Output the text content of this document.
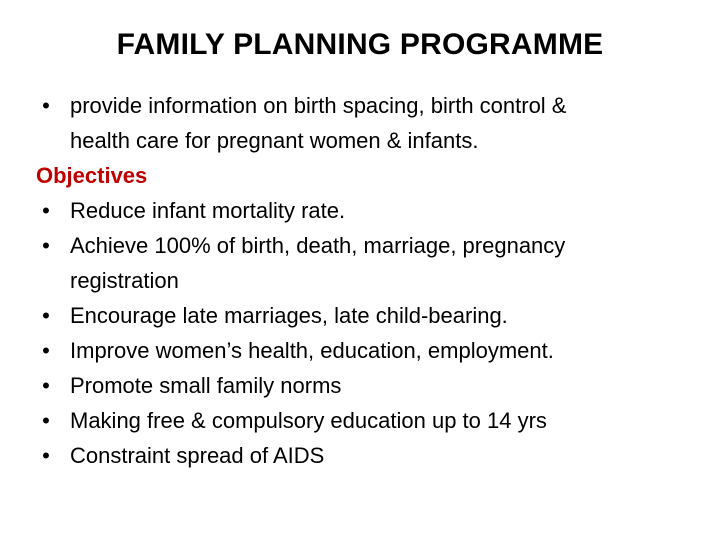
FAMILY PLANNING PROGRAMME
• provide information on birth spacing, birth control &
health care for pregnant women & infants.
Objectives
• Reduce infant mortality rate.
• Achieve 100% of birth, death, marriage, pregnancy
registration
• Encourage late marriages, late child-bearing.
• Improve women’s health, education, employment.
• Promote small family norms
• Making free & compulsory education up to 14 yrs
• Constraint spread of AIDS
